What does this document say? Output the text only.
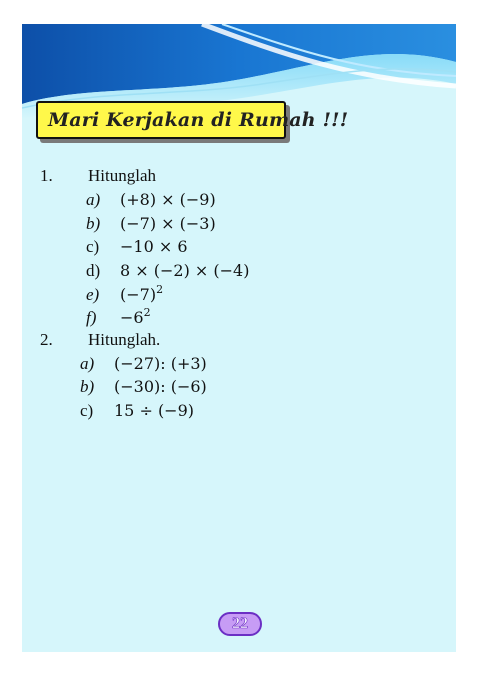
Mari Kerjakan di Rumah !!!
1. Hitunglah
a) (+8) × (−9)
b) (−7) × (−3)
c) −10 × 6
d) 8 × (−2) × (−4)
e) $(-7)^2$
$f) -6^2$
2. Hitunglah.
a) (−27): (+3)
b) (−30): (−6)
c) 15 ÷ (−9)
22
